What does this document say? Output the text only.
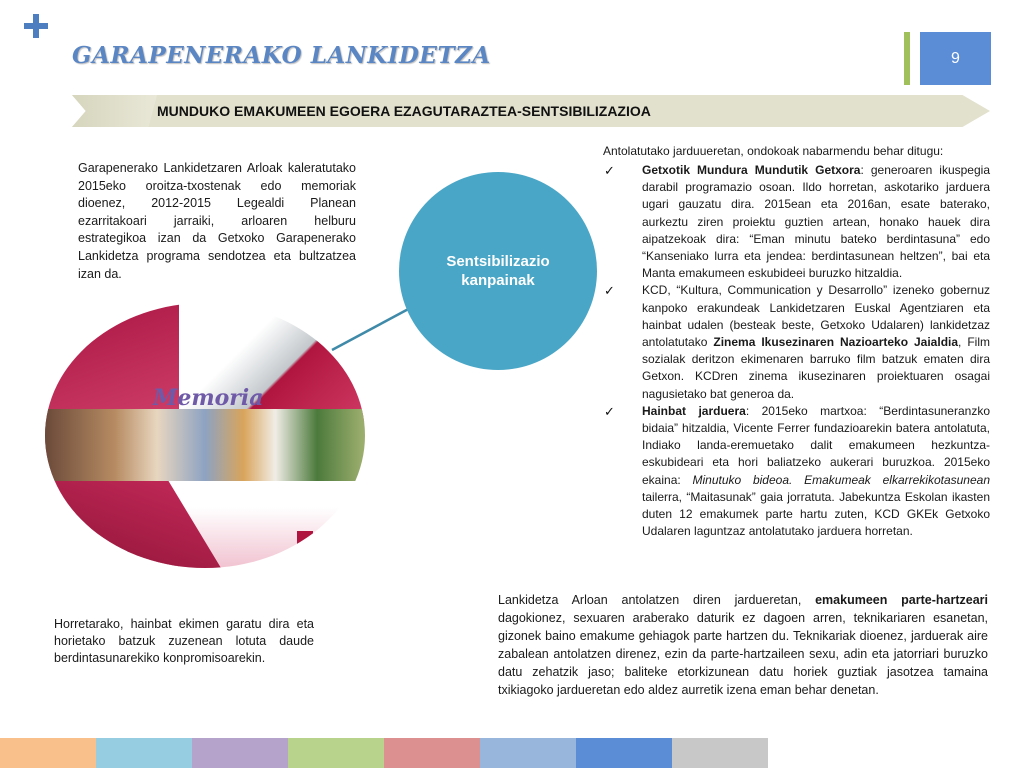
GARAPENERAKO LANKIDETZA	9
MUNDUKO EMAKUMEEN EGOERA EZAGUTARAZTEA-SENTSIBILIZAZIOA

Garapenerako Lankidetzaren Arloak kaleratutako 2015eko oroitza-txostenak edo memoriak dioenez, 2012-2015 Legealdi Planean ezarritakoari jarraiki, arloaren helburu estrategikoa izan da Getxoko Garapenerako Lankidetza programa sendotzea eta bultzatzea izan da.

Memoria
Gr
Sentsibilizazio
kanpainak

Horretarako, hainbat ekimen garatu dira eta horietako batzuk zuzenean lotuta daude berdintasunarekiko konpromisoarekin.

Antolatutako jarduueretan, ondokoak nabarmendu behar ditugu:

✓ Getxotik Mundura Mundutik Getxora: generoaren ikuspegia darabil programazio osoan. Ildo horretan, askotariko jarduera ugari gauzatu dira. 2015ean eta 2016an, esate baterako, aurkeztu ziren proiektu guztien artean, honako hauek dira aipatzekoak dira: “Eman minutu bateko berdintasuna” edo “Kanseniako lurra eta jendea: berdintasunean heltzen”, bai eta Manta emakumeen eskubideei buruzko hitzaldia.
✓ KCD, “Kultura, Communication y Desarrollo” izeneko gobernuz kanpoko erakundeak Lankidetzaren Euskal Agentziaren eta hainbat udalen (besteak beste, Getxoko Udalaren) lankidetzaz antolatutako Zinema Ikusezinaren Nazioarteko Jaialdia, Film sozialak deritzon ekimenaren barruko film batzuk ematen dira Getxon. KCDren zinema ikusezinaren proiektuaren osagai nagusietako bat generoa da.
✓ Hainbat jarduera: 2015eko martxoa: “Berdintasuneranzko bidaia” hitzaldia, Vicente Ferrer fundazioarekin batera antolatuta, Indiako landa-eremuetako dalit emakumeen hezkuntza-eskubideari eta hori baliatzeko aukerari buruzkoa. 2015eko ekaina: Minutuko bideoa. Emakumeak elkarrekikotasunean tailerra, “Maitasunak” gaia jorratuta. Jabekuntza Eskolan ikasten duten 12 emakumek parte hartu zuten, KCD GKEk Getxoko Udalaren laguntzaz antolatutako jarduera horretan.

Lankidetza Arloan antolatzen diren jardueretan, emakumeen parte-hartzeari dagokionez, sexuaren araberako daturik ez dagoen arren, teknikariaren esanetan, gizonek baino emakume gehiagok parte hartzen du. Teknikariak dioenez, jarduerak aire zabalean antolatzen direnez, ezin da parte-hartzaileen sexu, adin eta jatorriari buruzko datu zehatzik jaso; baliteke etorkizunean datu horiek guztiak jasotzea tamaina txikiagoko jardueretan edo aldez aurretik izena eman behar denetan.
